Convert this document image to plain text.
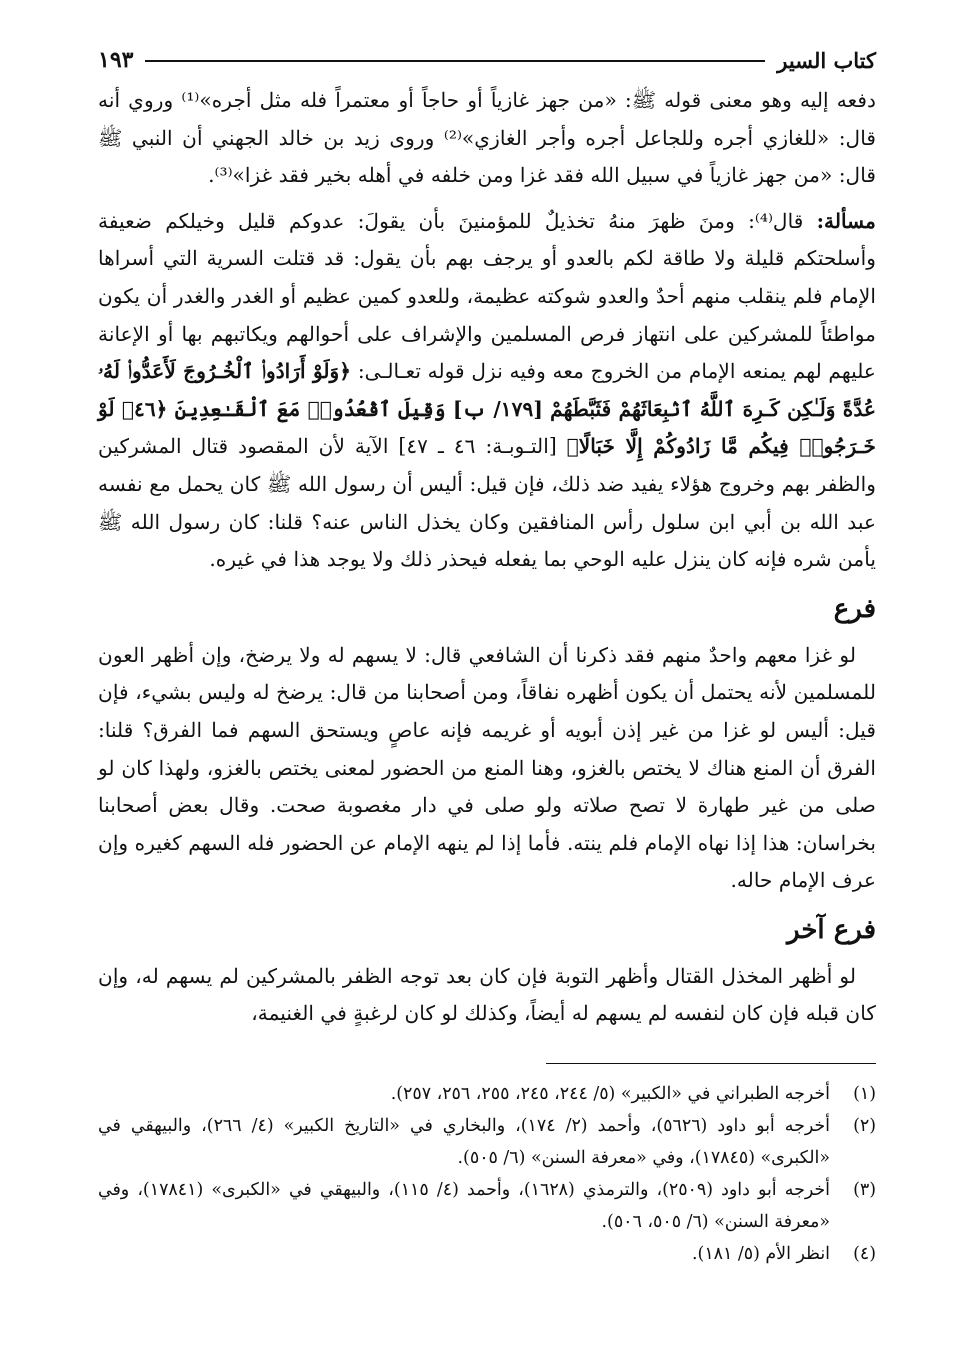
كتاب السير
١٩٣

دفعه إليه وهو معنى قوله ﷺ: «من جهز غازياً أو حاجاً أو معتمراً فله مثل أجره»⁽¹⁾ وروي أنه قال: «للغازي أجره وللجاعل أجره وأجر الغازي»⁽²⁾ وروى زيد بن خالد الجهني أن النبي ﷺ قال: «من جهز غازياً في سبيل الله فقد غزا ومن خلفه في أهله بخير فقد غزا»⁽³⁾.

مسألة: قال⁽⁴⁾: ومنَ ظهرَ منهُ تخذيلٌ للمؤمنينَ بأن يقولَ: عدوكم قليل وخيلكم ضعيفة وأسلحتكم قليلة ولا طاقة لكم بالعدو أو يرجف بهم بأن يقول: قد قتلت السرية التي أسراها الإمام فلم ينقلب منهم أحدٌ والعدو شوكته عظيمة، وللعدو كمين عظيم أو الغدر والغدر أن يكون مواطئاً للمشركين على انتهاز فرص المسلمين والإشراف على أحوالهم ويكاتبهم بها أو الإعانة عليهم لهم يمنعه الإمام من الخروج معه وفيه نزل قوله تعـالـى: ﴿وَلَوْ أَرَادُوا۟ ٱلْخُـرُوجَ لَأَعَدُّوا۟ لَهُۥ عُدَّةً وَلَـٰكِن كَـرِهَ ٱللَّهُ ٱنۢبِعَاثَهُمْ فَثَبَّطَهُمْ [١٧٩/ ب] وَقِيلَ ٱقْعُدُوا۟ مَعَ ٱلْقَـٰعِدِينَ ﴿٤٦﴾ لَوْ خَـرَجُوا۟ فِيكُم مَّا زَادُوكُمْ إِلَّا خَبَالًا﴾ [التـوبـة: ٤٦ ـ ٤٧] الآية لأن المقصود قتال المشركين والظفر بهم وخروج هؤلاء يفيد ضد ذلك، فإن قيل: أليس أن رسول الله ﷺ كان يحمل مع نفسه عبد الله بن أبي ابن سلول رأس المنافقين وكان يخذل الناس عنه؟ قلنا: كان رسول الله ﷺ يأمن شره فإنه كان ينزل عليه الوحي بما يفعله فيحذر ذلك ولا يوجد هذا في غيره.

فرع

لو غزا معهم واحدٌ منهم فقد ذكرنا أن الشافعي قال: لا يسهم له ولا يرضخ، وإن أظهر العون للمسلمين لأنه يحتمل أن يكون أظهره نفاقاً، ومن أصحابنا من قال: يرضخ له وليس بشيء، فإن قيل: أليس لو غزا من غير إذن أبويه أو غريمه فإنه عاصٍ ويستحق السهم فما الفرق؟ قلنا: الفرق أن المنع هناك لا يختص بالغزو، وهنا المنع من الحضور لمعنى يختص بالغزو، ولهذا كان لو صلى من غير طهارة لا تصح صلاته ولو صلى في دار مغصوبة صحت. وقال بعض أصحابنا بخراسان: هذا إذا نهاه الإمام فلم ينته. فأما إذا لم ينهه الإمام عن الحضور فله السهم كغيره وإن عرف الإمام حاله.

فرع آخر

لو أظهر المخذل القتال وأظهر التوبة فإن كان بعد توجه الظفر بالمشركين لم يسهم له، وإن كان قبله فإن كان لنفسه لم يسهم له أيضاً، وكذلك لو كان لرغبةٍ في الغنيمة،

(١)
أخرجه الطبراني في «الكبير» (٥/ ٢٤٤، ٢٤٥، ٢٥٥، ٢٥٦، ٢٥٧).
(٢)
أخرجه أبو داود (٥٦٢٦)، وأحمد (٢/ ١٧٤)، والبخاري في «التاريخ الكبير» (٤/ ٢٦٦)، والبيهقي في «الكبرى» (١٧٨٤٥)، وفي «معرفة السنن» (٦/ ٥٠٥).
(٣)
أخرجه أبو داود (٢٥٠٩)، والترمذي (١٦٢٨)، وأحمد (٤/ ١١٥)، والبيهقي في «الكبرى» (١٧٨٤١)، وفي «معرفة السنن» (٦/ ٥٠٥، ٥٠٦).
(٤)
انظر الأم (٥/ ١٨١).
